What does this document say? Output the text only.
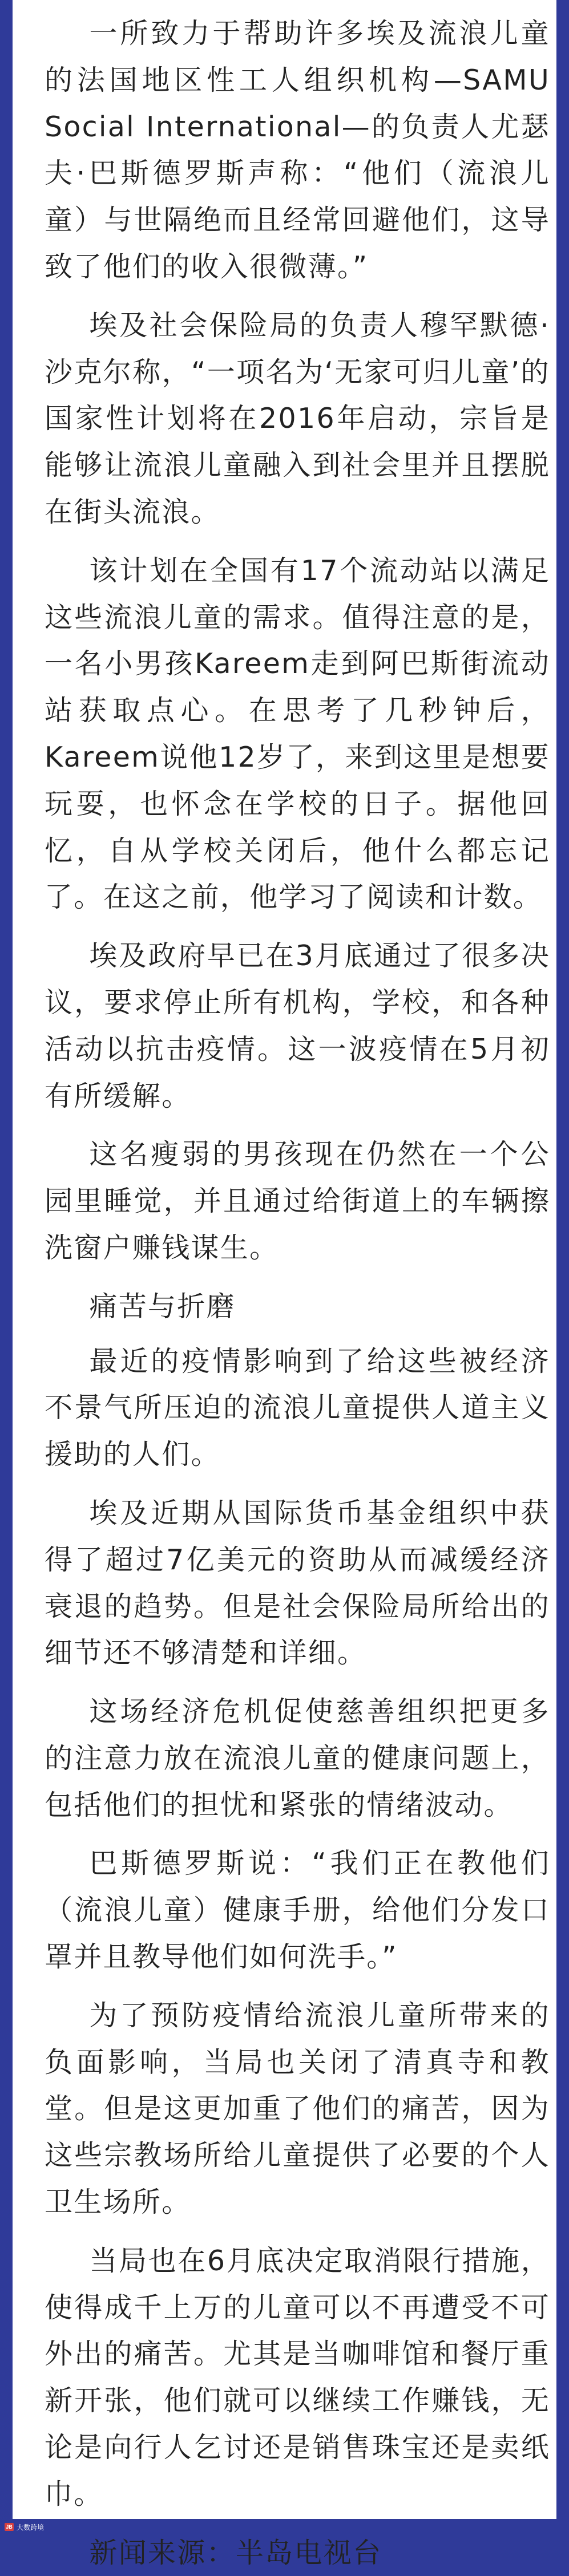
一所致力于帮助许多埃及流浪儿童的法国地区性工人组织机构—SAMU Social International—的负责人尤瑟夫·巴斯德罗斯声称：“他们（流浪儿童）与世隔绝而且经常回避他们，这导致了他们的收入很微薄。”

埃及社会保险局的负责人穆罕默德·沙克尔称，“一项名为‘无家可归儿童’的国家性计划将在2016年启动，宗旨是能够让流浪儿童融入到社会里并且摆脱在街头流浪。

该计划在全国有17个流动站以满足这些流浪儿童的需求。值得注意的是，一名小男孩Kareem走到阿巴斯街流动站获取点心。在思考了几秒钟后，Kareem说他12岁了，来到这里是想要玩耍，也怀念在学校的日子。据他回忆，自从学校关闭后，他什么都忘记了。在这之前，他学习了阅读和计数。

埃及政府早已在3月底通过了很多决议，要求停止所有机构，学校，和各种活动以抗击疫情。这一波疫情在5月初有所缓解。

这名瘦弱的男孩现在仍然在一个公园里睡觉，并且通过给街道上的车辆擦洗窗户赚钱谋生。

痛苦与折磨

最近的疫情影响到了给这些被经济不景气所压迫的流浪儿童提供人道主义援助的人们。

埃及近期从国际货币基金组织中获得了超过7亿美元的资助从而减缓经济衰退的趋势。但是社会保险局所给出的细节还不够清楚和详细。

这场经济危机促使慈善组织把更多的注意力放在流浪儿童的健康问题上，包括他们的担忧和紧张的情绪波动。

巴斯德罗斯说：“我们正在教他们（流浪儿童）健康手册，给他们分发口罩并且教导他们如何洗手。”

为了预防疫情给流浪儿童所带来的负面影响，当局也关闭了清真寺和教堂。但是这更加重了他们的痛苦，因为这些宗教场所给儿童提供了必要的个人卫生场所。

当局也在6月底决定取消限行措施，使得成千上万的儿童可以不再遭受不可外出的痛苦。尤其是当咖啡馆和餐厅重新开张，他们就可以继续工作赚钱，无论是向行人乞讨还是销售珠宝还是卖纸巾。

新闻来源：半岛电视台

JB 大数跨境
